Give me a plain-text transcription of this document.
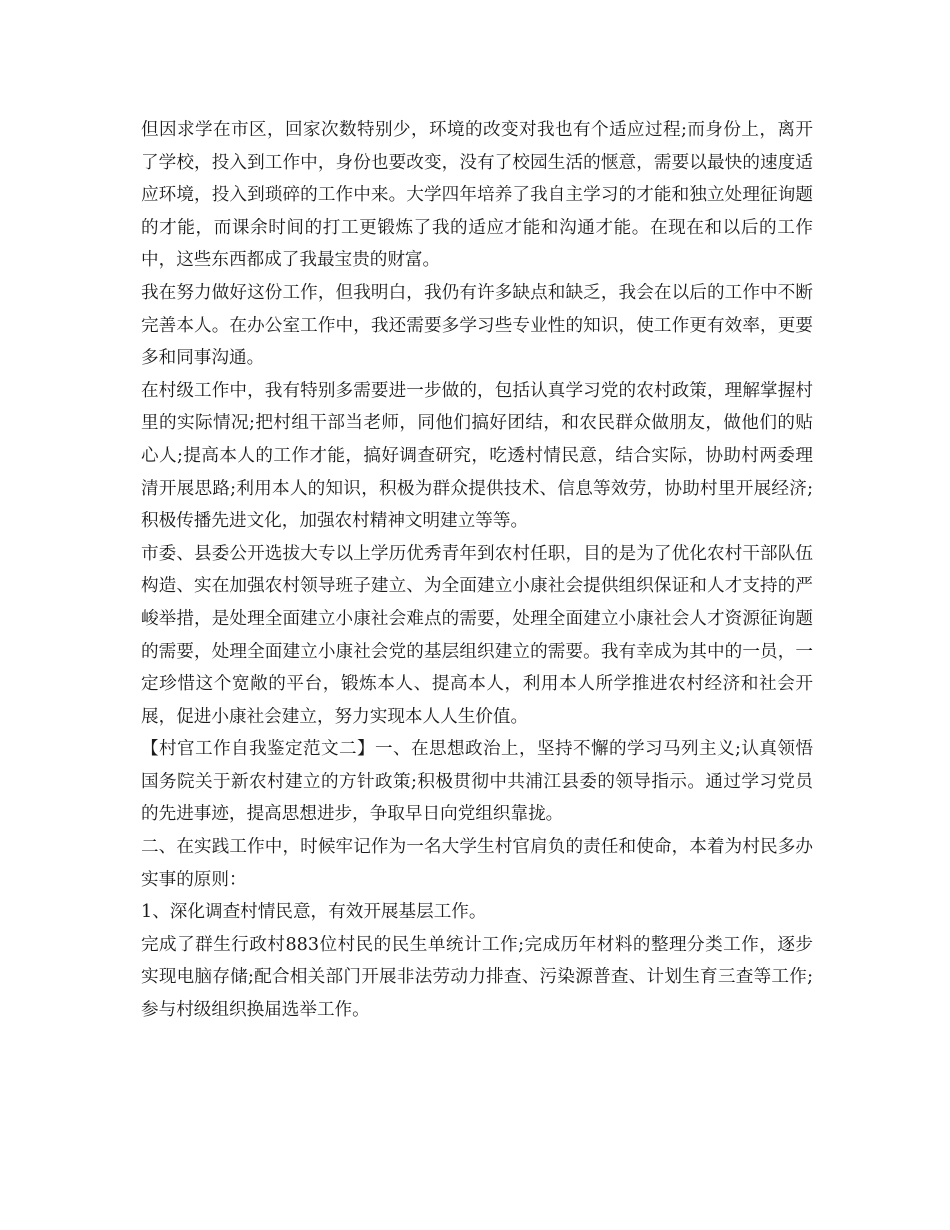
但因求学在市区，回家次数特别少，环境的改变对我也有个适应过程;而身份上，离开了学校，投入到工作中，身份也要改变，没有了校园生活的惬意，需要以最快的速度适应环境，投入到琐碎的工作中来。大学四年培养了我自主学习的才能和独立处理征询题的才能，而课余时间的打工更锻炼了我的适应才能和沟通才能。在现在和以后的工作中，这些东西都成了我最宝贵的财富。

我在努力做好这份工作，但我明白，我仍有许多缺点和缺乏，我会在以后的工作中不断完善本人。在办公室工作中，我还需要多学习些专业性的知识，使工作更有效率，更要多和同事沟通。

在村级工作中，我有特别多需要进一步做的，包括认真学习党的农村政策，理解掌握村里的实际情况;把村组干部当老师，同他们搞好团结，和农民群众做朋友，做他们的贴心人;提高本人的工作才能，搞好调查研究，吃透村情民意，结合实际，协助村两委理清开展思路;利用本人的知识，积极为群众提供技术、信息等效劳，协助村里开展经济;积极传播先进文化，加强农村精神文明建立等等。

市委、县委公开选拔大专以上学历优秀青年到农村任职，目的是为了优化农村干部队伍构造、实在加强农村领导班子建立、为全面建立小康社会提供组织保证和人才支持的严峻举措，是处理全面建立小康社会难点的需要，处理全面建立小康社会人才资源征询题的需要，处理全面建立小康社会党的基层组织建立的需要。我有幸成为其中的一员，一定珍惜这个宽敞的平台，锻炼本人、提高本人，利用本人所学推进农村经济和社会开展，促进小康社会建立，努力实现本人人生价值。

【村官工作自我鉴定范文二】一、在思想政治上，坚持不懈的学习马列主义;认真领悟国务院关于新农村建立的方针政策;积极贯彻中共浦江县委的领导指示。通过学习党员的先进事迹，提高思想进步，争取早日向党组织靠拢。

二、在实践工作中，时候牢记作为一名大学生村官肩负的责任和使命，本着为村民多办实事的原则：

1、深化调查村情民意，有效开展基层工作。

完成了群生行政村883位村民的民生单统计工作;完成历年材料的整理分类工作，逐步实现电脑存储;配合相关部门开展非法劳动力排查、污染源普查、计划生育三查等工作;参与村级组织换届选举工作。
